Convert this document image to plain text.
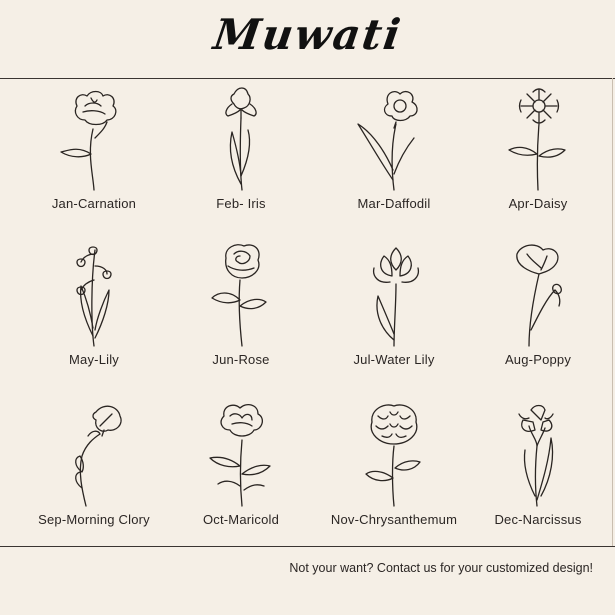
Muwati
Jan-Carnation	Feb- Iris	Mar-Daffodil	Apr-Daisy
May-Lily	Jun-Rose	Jul-Water Lily	Aug-Poppy
Sep-Morning Clory	Oct-Maricold	Nov-Chrysanthemum	Dec-Narcissus
Not your want? Contact us for your customized design!
